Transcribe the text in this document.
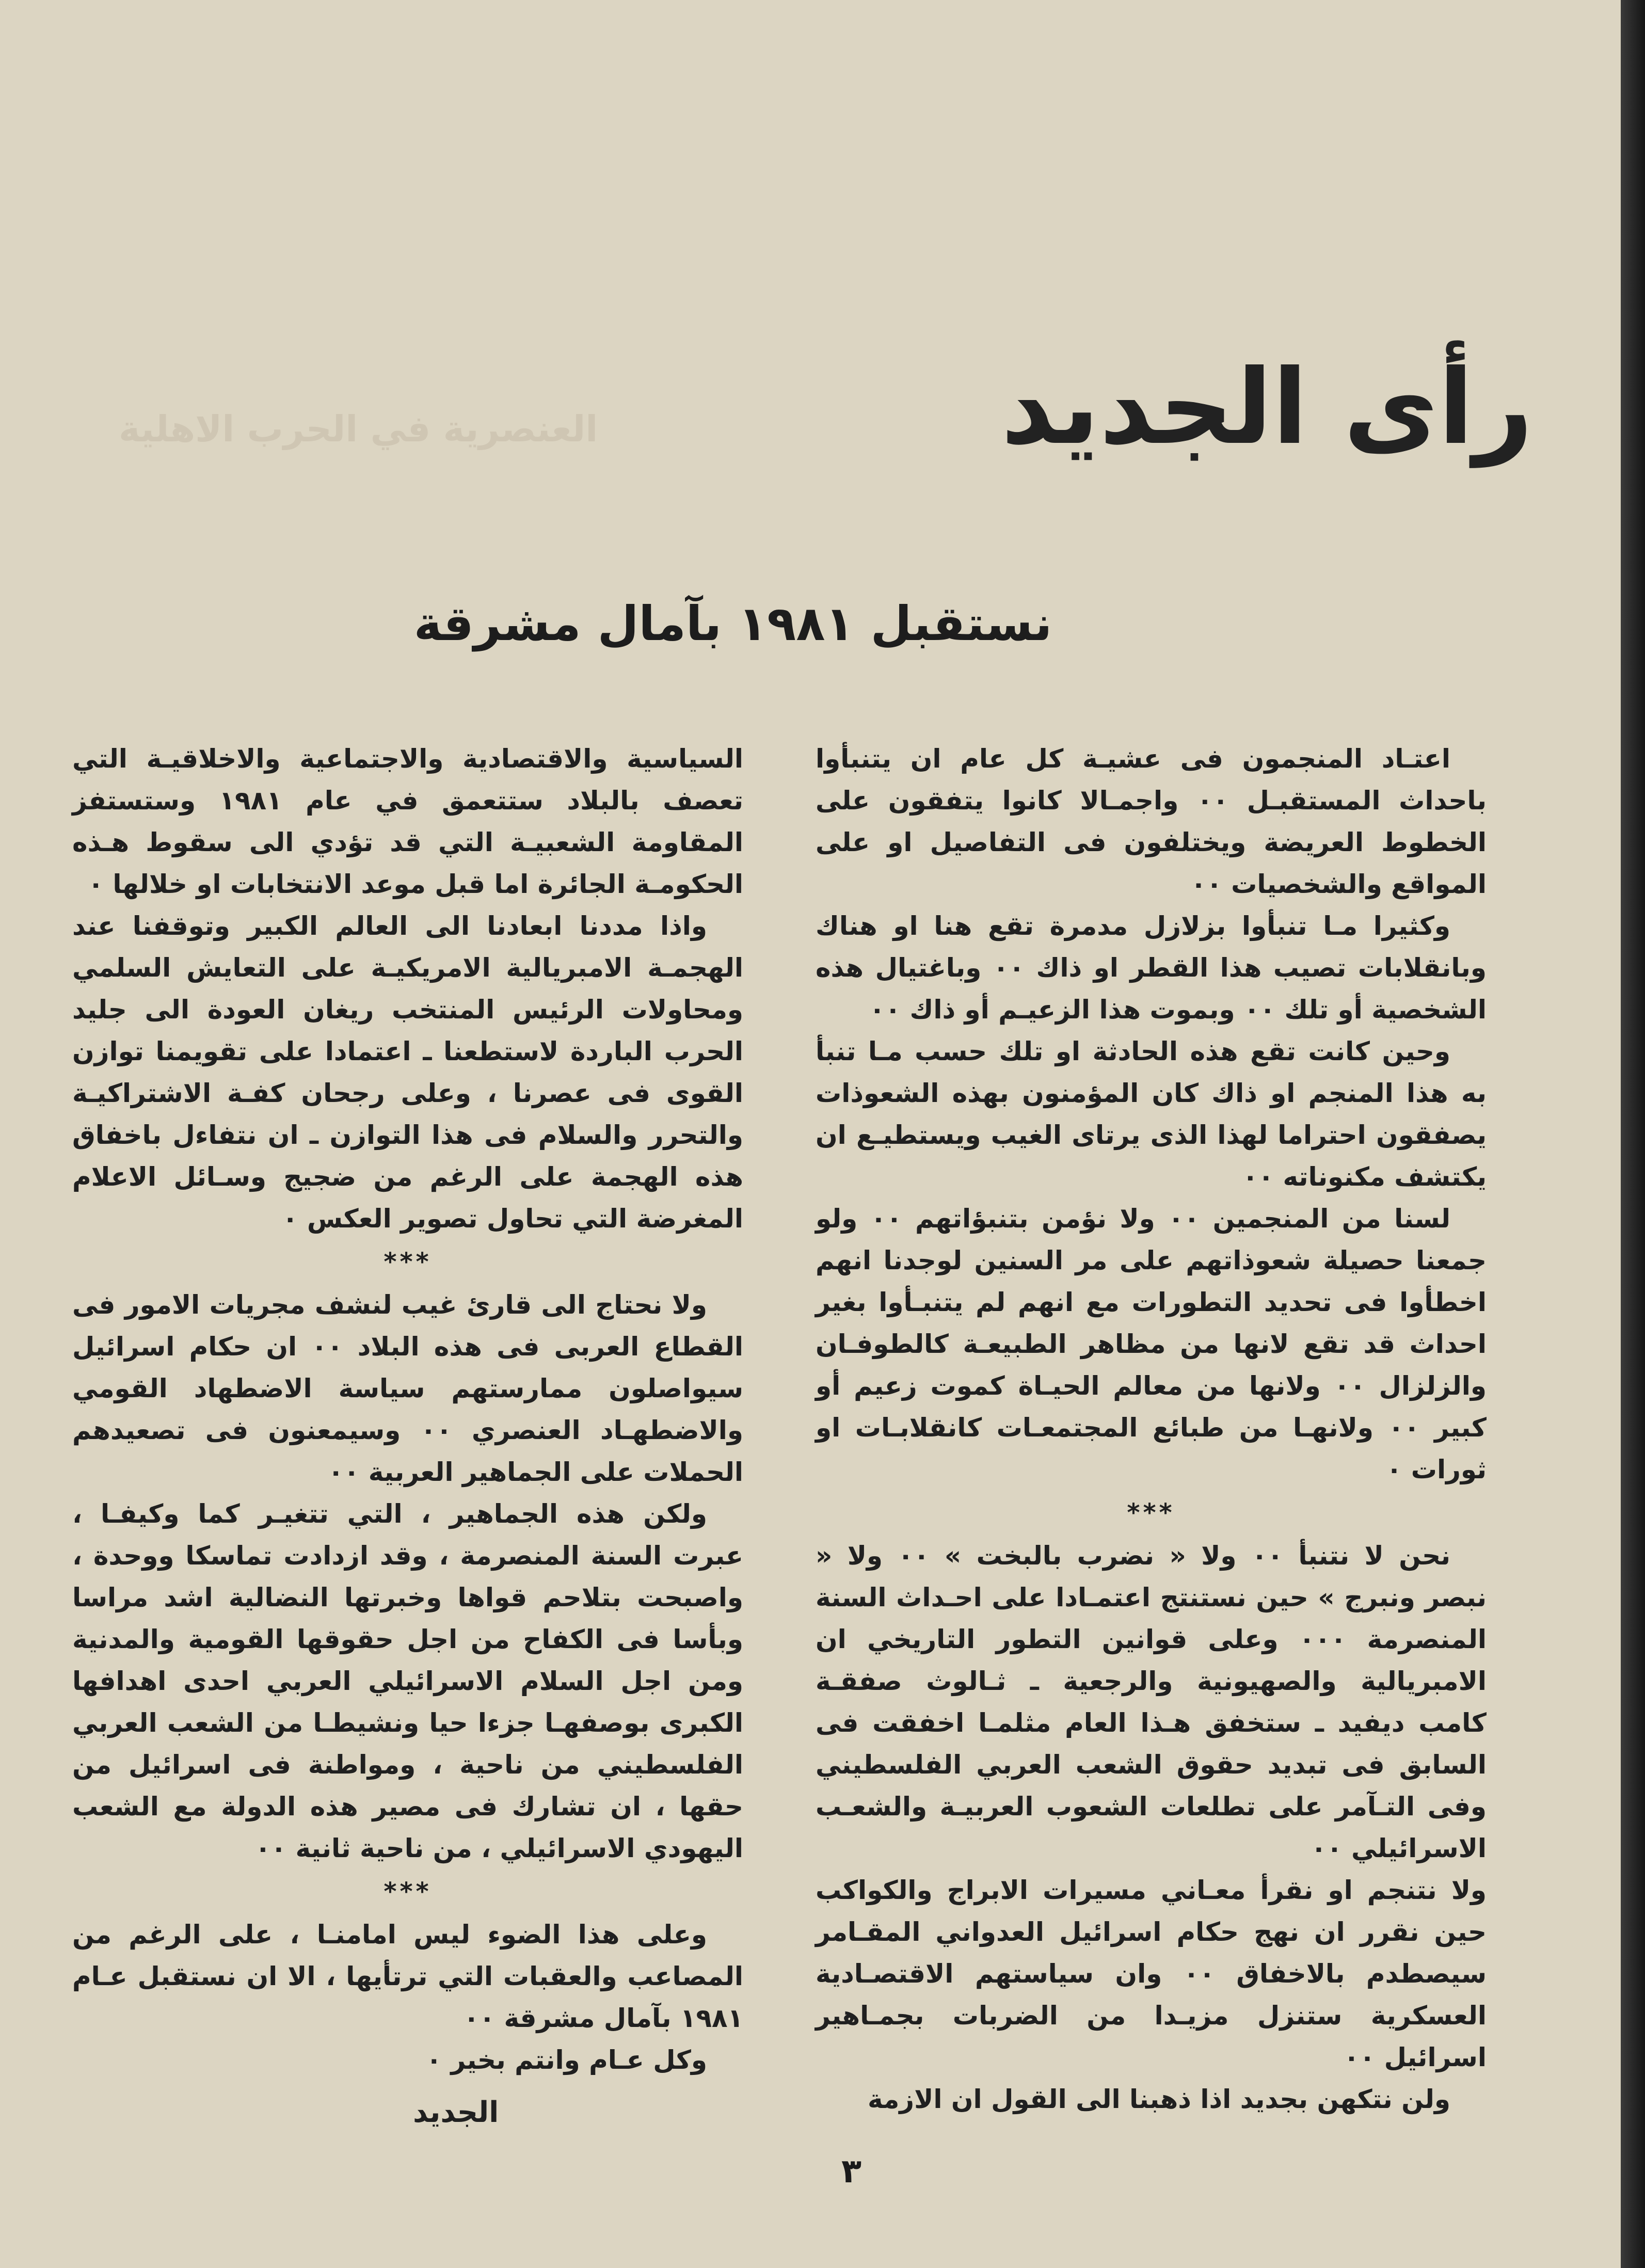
العنصرية في الحرب الاهلية	رأى الجديد
نستقبل ١٩٨١ بآمال مشرقة

اعتـاد المنجمون فى عشيـة كل عام ان يتنبأوا باحداث المستقبـل ٠٠ واجمـالا كانوا يتفقون على الخطوط العريضة ويختلفون فى التفاصيل او على المواقع والشخصيات ٠٠

وكثيرا مـا تنبأوا بزلازل مدمرة تقع هنا او هناك وبانقلابات تصيب هذا القطر او ذاك ٠٠ وباغتيال هذه الشخصية أو تلك ٠٠ وبموت هذا الزعيـم أو ذاك ٠٠

وحين كانت تقع هذه الحادثة او تلك حسب مـا تنبأ به هذا المنجم او ذاك كان المؤمنون بهذه الشعوذات يصفقون احتراما لهذا الذى يرتاى الغيب ويستطيـع ان يكتشف مكنوناته ٠٠

لسنا من المنجمين ٠٠ ولا نؤمن بتنبؤاتهم ٠٠ ولو جمعنا حصيلة شعوذاتهم على مر السنين لوجدنا انهم اخطأوا فى تحديد التطورات مع انهم لم يتنبـأوا بغير احداث قد تقع لانها من مظاهر الطبيعـة كالطوفـان والزلزال ٠٠ ولانها من معالم الحيـاة كموت زعيم أو كبير ٠٠ ولانهـا من طبائع المجتمعـات كانقلابـات او ثورات ٠

***

نحن لا نتنبأ ٠٠ ولا « نضرب بالبخت » ٠٠ ولا « نبصر ونبرج » حين نستنتج اعتمـادا على احـداث السنة المنصرمة ٠٠٠ وعلى قوانين التطور التاريخي ان الامبريالية والصهيونية والرجعية ـ ثـالوث صفقـة كامب ديفيد ـ ستخفق هـذا العام مثلمـا اخفقت فى السابق فى تبديد حقوق الشعب العربي الفلسطيني وفى التـآمر على تطلعات الشعوب العربيـة والشعـب الاسرائيلي ٠٠

ولا نتنجم او نقرأ معـاني مسيرات الابراج والكواكب حين نقرر ان نهج حكام اسرائيل العدواني المقـامر سيصطدم بالاخفاق ٠٠ وان سياستهم الاقتصـادية العسكرية ستنزل مزيـدا من الضربات بجمـاهير اسرائيل ٠٠

ولن نتكهن بجديد اذا ذهبنا الى القول ان الازمة

السياسية والاقتصادية والاجتماعية والاخلاقيـة التي تعصف بالبلاد ستتعمق في عام ١٩٨١ وستستفز المقاومة الشعبيـة التي قد تؤدي الى سقوط هـذه الحكومـة الجائرة اما قبل موعد الانتخابات او خلالها ٠

واذا مددنا ابعادنا الى العالم الكبير وتوقفنا عند الهجمـة الامبريالية الامريكيـة على التعايش السلمي ومحاولات الرئيس المنتخب ريغان العودة الى جليد الحرب الباردة لاستطعنا ـ اعتمادا على تقويمنا توازن القوى فى عصرنا ، وعلى رجحان كفـة الاشتراكيـة والتحرر والسلام فى هذا التوازن ـ ان نتفاءل باخفاق هذه الهجمة على الرغم من ضجيج وسـائل الاعلام المغرضة التي تحاول تصوير العكس ٠

***

ولا نحتاج الى قارئ غيب لنشف مجريات الامور فى القطاع العربى فى هذه البلاد ٠٠ ان حكام اسرائيل سيواصلون ممارستهم سياسة الاضطهاد القومي والاضطهـاد العنصري ٠٠ وسيمعنون فى تصعيدهم الحملات على الجماهير العربية ٠٠

ولكن هذه الجماهير ، التي تتغيـر كما وكيفـا ، عبرت السنة المنصرمة ، وقد ازدادت تماسكا ووحدة ، واصبحت بتلاحم قواها وخبرتها النضالية اشد مراسا وبأسا فى الكفاح من اجل حقوقها القومية والمدنية ومن اجل السلام الاسرائيلي العربي احدى اهدافها الكبرى بوصفهـا جزءا حيا ونشيطـا من الشعب العربي الفلسطيني من ناحية ، ومواطنة فى اسرائيل من حقها ، ان تشارك فى مصير هذه الدولة مع الشعب اليهودي الاسرائيلي ، من ناحية ثانية ٠٠

***

وعلى هذا الضوء ليس امامنـا ، على الرغم من المصاعب والعقبات التي ترتأيها ، الا ان نستقبل عـام ١٩٨١ بآمال مشرقة ٠٠

وكل عـام وانتم بخير ٠

الجديد
٣
